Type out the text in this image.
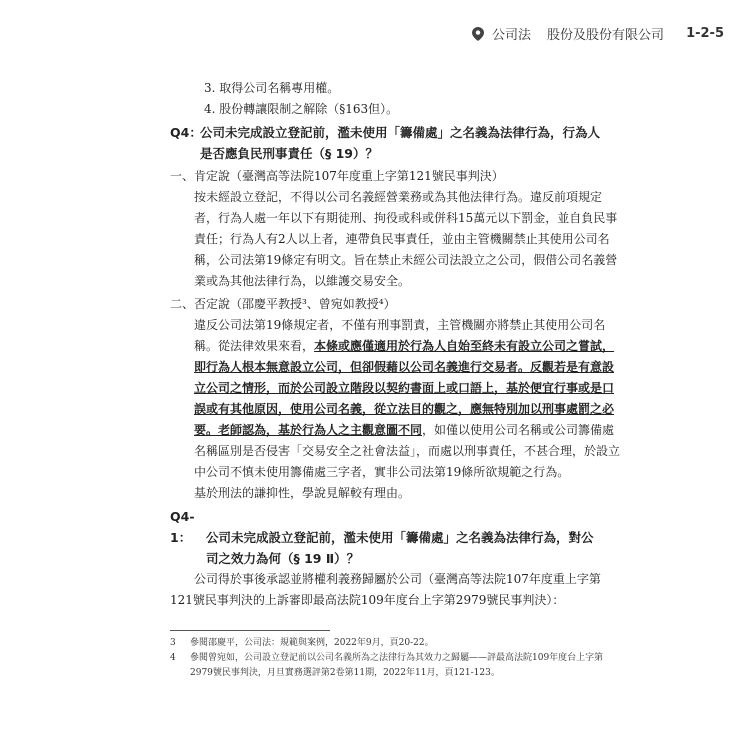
公司法 股份及股份有限公司 1-2-5
3. 取得公司名稱專用權。
4. 股份轉讓限制之解除（§163但）。
Q4：公司未完成設立登記前，濫未使用「籌備處」之名義為法律行為，行為人
是否應負民刑事責任（§ 19）？
一、肯定說（臺灣高等法院107年度重上字第121號民事判決）
按未經設立登記，不得以公司名義經營業務或為其他法律行為。違反前項規定者，行為人處一年以下有期徒刑、拘役或科或併科15萬元以下罰金，並自負民事責任；行為人有2人以上者，連帶負民事責任，並由主管機關禁止其使用公司名稱，公司法第19條定有明文。旨在禁止未經公司法設立之公司，假借公司名義營業或為其他法律行為，以維護交易安全。
二、否定說（邵慶平教授³、曾宛如教授⁴）
違反公司法第19條規定者，不僅有刑事罰責，主管機關亦將禁止其使用公司名稱。從法律效果來看，本條或應僅適用於行為人自始至終未有設立公司之嘗試，即行為人根本無意設立公司，但卻假藉以公司名義進行交易者。反觀若是有意設立公司之情形，而於公司設立階段以契約書面上或口語上，基於便宜行事或是口誤或有其他原因，使用公司名義，從立法目的觀之，應無特別加以刑事處罰之必要。老師認為，基於行為人之主觀意圖不同，如僅以使用公司名稱或公司籌備處名稱區別是否侵害「交易安全之社會法益」，而處以刑事責任，不甚合理，於設立中公司不慎未使用籌備處三字者，實非公司法第19條所欲規範之行為。
基於刑法的謙抑性，學說見解較有理由。
Q4-1： 公司未完成設立登記前，濫未使用「籌備處」之名義為法律行為，對公
司之效力為何（§ 19 Ⅱ）？
公司得於事後承認並將權利義務歸屬於公司（臺灣高等法院107年度重上字第121號民事判決的上訴審即最高法院109年度台上字第2979號民事判決）：
3	參閱邵慶平，公司法：規範與案例，2022年9月，頁20-22。
4	參閱曾宛如，公司設立登記前以公司名義所為之法律行為其效力之歸屬——評最高法院109年度台上字第2979號民事判決，月旦實務選評第2卷第11期，2022年11月，頁121-123。
